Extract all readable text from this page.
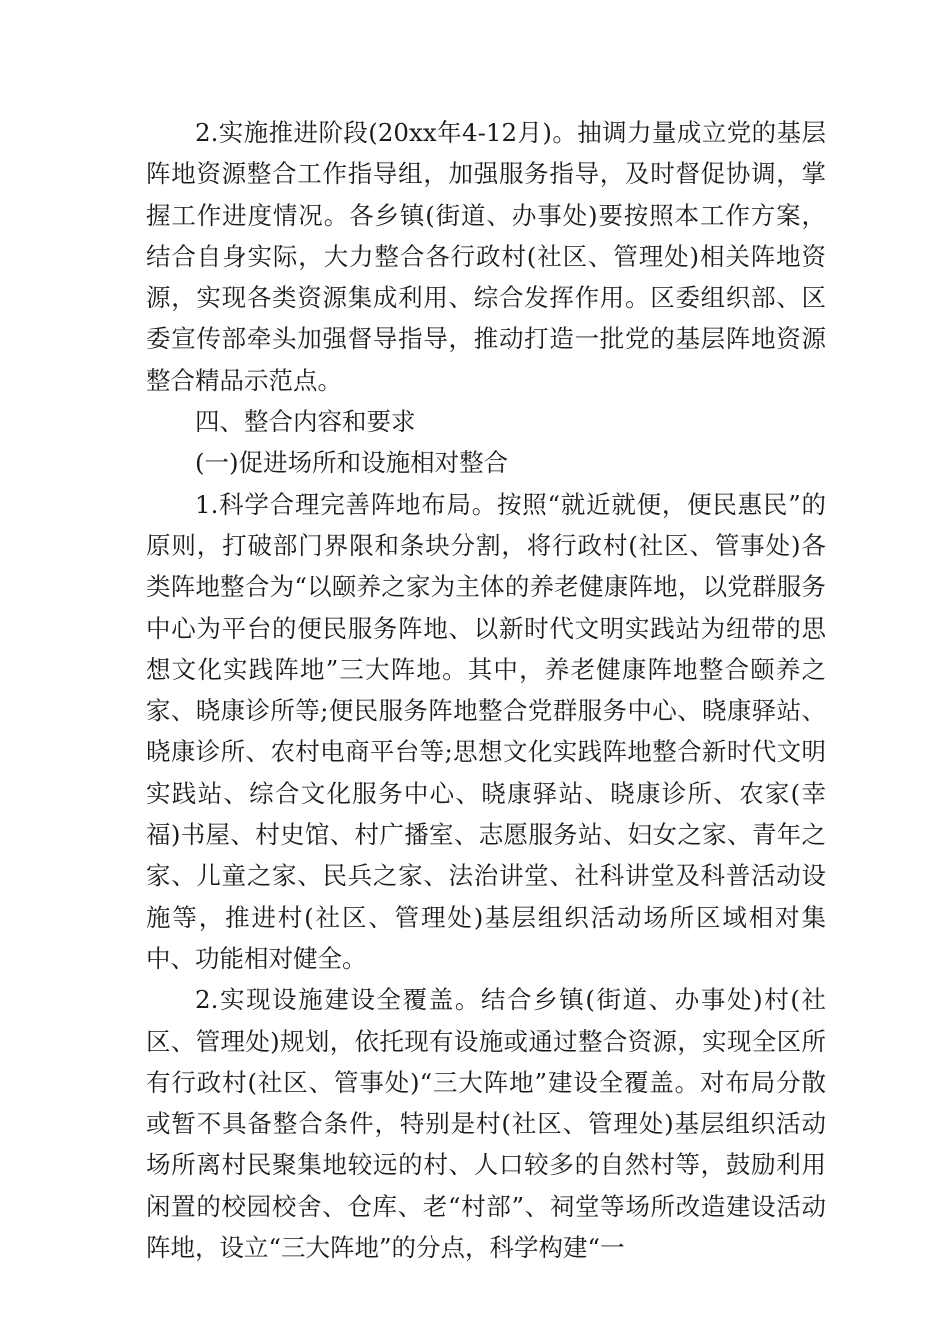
2.实施推进阶段(20xx年4-12月)。抽调力量成立党的基层阵地资源整合工作指导组，加强服务指导，及时督促协调，掌握工作进度情况。各乡镇(街道、办事处)要按照本工作方案，结合自身实际，大力整合各行政村(社区、管理处)相关阵地资源，实现各类资源集成利用、综合发挥作用。区委组织部、区委宣传部牵头加强督导指导，推动打造一批党的基层阵地资源整合精品示范点。

四、整合内容和要求

(一)促进场所和设施相对整合

1.科学合理完善阵地布局。按照“就近就便，便民惠民”的原则，打破部门界限和条块分割，将行政村(社区、管事处)各类阵地整合为“以颐养之家为主体的养老健康阵地，以党群服务中心为平台的便民服务阵地、以新时代文明实践站为纽带的思想文化实践阵地”三大阵地。其中，养老健康阵地整合颐养之家、晓康诊所等;便民服务阵地整合党群服务中心、晓康驿站、晓康诊所、农村电商平台等;思想文化实践阵地整合新时代文明实践站、综合文化服务中心、晓康驿站、晓康诊所、农家(幸福)书屋、村史馆、村广播室、志愿服务站、妇女之家、青年之家、儿童之家、民兵之家、法治讲堂、社科讲堂及科普活动设施等，推进村(社区、管理处)基层组织活动场所区域相对集中、功能相对健全。

2.实现设施建设全覆盖。结合乡镇(街道、办事处)村(社区、管理处)规划，依托现有设施或通过整合资源，实现全区所有行政村(社区、管事处)“三大阵地”建设全覆盖。对布局分散或暂不具备整合条件，特别是村(社区、管理处)基层组织活动场所离村民聚集地较远的村、人口较多的自然村等，鼓励利用闲置的校园校舍、仓库、老“村部”、祠堂等场所改造建设活动阵地，设立“三大阵地”的分点，科学构建“一
